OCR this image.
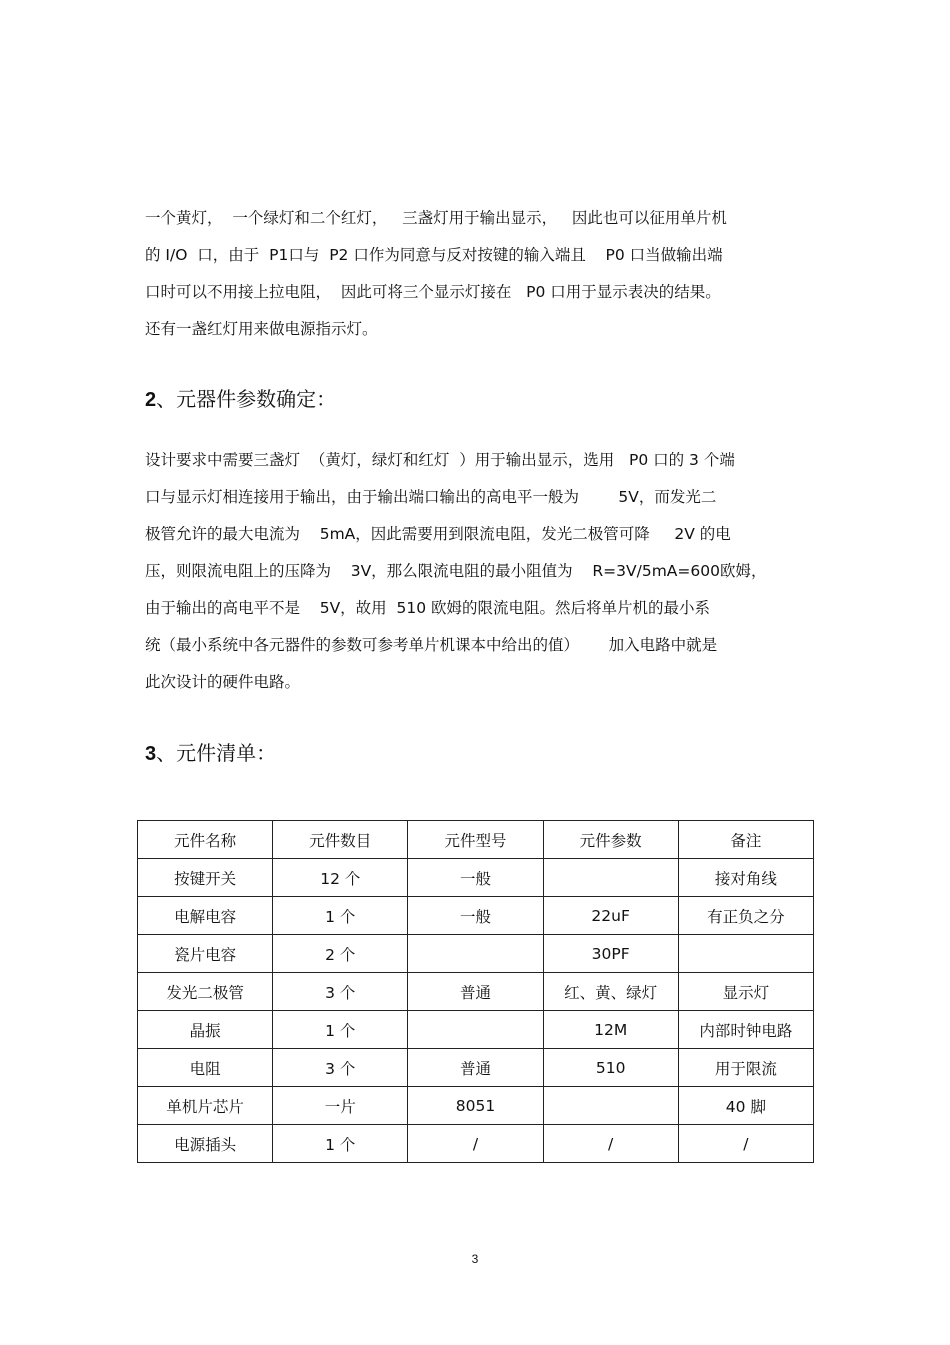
一个黄灯，  一个绿灯和二个红灯，   三盏灯用于输出显示，   因此也可以征用单片机
的 I/O  口，由于  P1口与  P2 口作为同意与反对按键的输入端且    P0 口当做输出端
口时可以不用接上拉电阻，  因此可将三个显示灯接在   P0 口用于显示表决的结果。
还有一盏红灯用来做电源指示灯。
2、元器件参数确定：
设计要求中需要三盏灯  （黄灯，绿灯和红灯  ）用于输出显示，选用   P0 口的 3 个端
口与显示灯相连接用于输出，由于输出端口输出的高电平一般为        5V，而发光二
极管允许的最大电流为    5mA，因此需要用到限流电阻，发光二极管可降     2V 的电
压，则限流电阻上的压降为    3V，那么限流电阻的最小阻值为    R=3V/5mA=600欧姆，
由于输出的高电平不是    5V，故用  510 欧姆的限流电阻。然后将单片机的最小系
统（最小系统中各元器件的参数可参考单片机课本中给出的值）      加入电路中就是
此次设计的硬件电路。
3、元件清单：
元件名称	元件数目	元件型号	元件参数	备注
按键开关	12 个	一般		接对角线
电解电容	1 个	一般	22uF	有正负之分
瓷片电容	2 个		30PF	
发光二极管	3 个	普通	红、黄、绿灯	显示灯
晶振	1 个		12M	内部时钟电路
电阻	3 个	普通	510	用于限流
单机片芯片	一片	8051		40 脚
电源插头	1 个	/	/	/
3
